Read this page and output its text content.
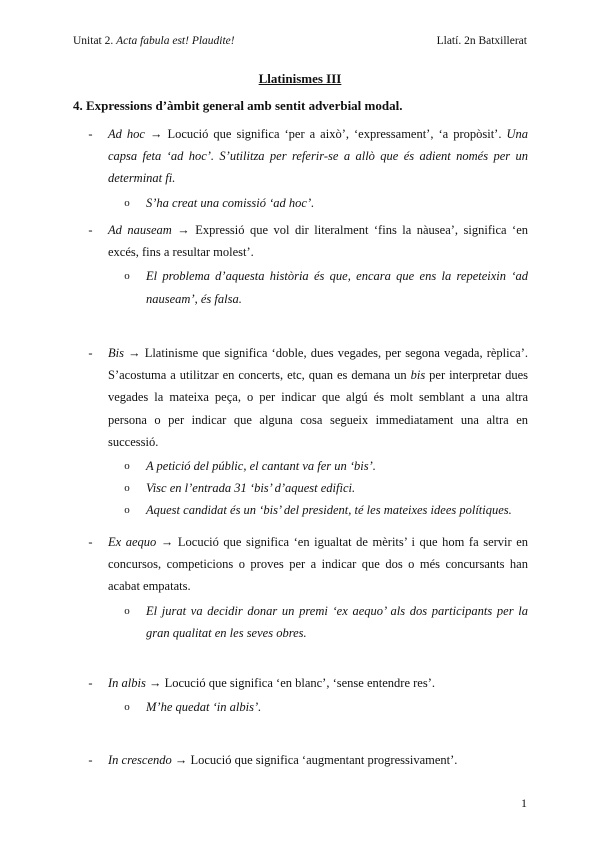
Unitat 2. Acta fabula est! Plaudite!	Llatí. 2n Batxillerat
Llatinismes III
4. Expressions d’àmbit general amb sentit adverbial modal.
-	Ad hoc → Locució que significa ‘per a això’, ‘expressament’, ‘a propòsit’. Una capsa feta ‘ad hoc’. S’utilitza per referir-se a allò que és adient només per un determinat fi.
o	S’ha creat una comissió ‘ad hoc’.
-	Ad nauseam → Expressió que vol dir literalment ‘fins la nàusea’, significa ‘en excés, fins a resultar molest’.
o	El problema d’aquesta història és que, encara que ens la repeteixin ‘ad nauseam’, és falsa.
-	Bis → Llatinisme que significa ‘doble, dues vegades, per segona vegada, rèplica’. S’acostuma a utilitzar en concerts, etc, quan es demana un bis per interpretar dues vegades la mateixa peça, o per indicar que algú és molt semblant a una altra persona o per indicar que alguna cosa segueix immediatament una altra en successió.
o	A petició del públic, el cantant va fer un ‘bis’.
o	Visc en l’entrada 31 ‘bis’ d’aquest edifici.
o	Aquest candidat és un ‘bis’ del president, té les mateixes idees polítiques.
-	Ex aequo → Locució que significa ‘en igualtat de mèrits’ i que hom fa servir en concursos, competicions o proves per a indicar que dos o més concursants han acabat empatats.
o	El jurat va decidir donar un premi ‘ex aequo’ als dos participants per la gran qualitat en les seves obres.
-	In albis → Locució que significa ‘en blanc’, ‘sense entendre res’.
o	M’he quedat ‘in albis’.
-	In crescendo → Locució que significa ‘augmentant progressivament’.
1
